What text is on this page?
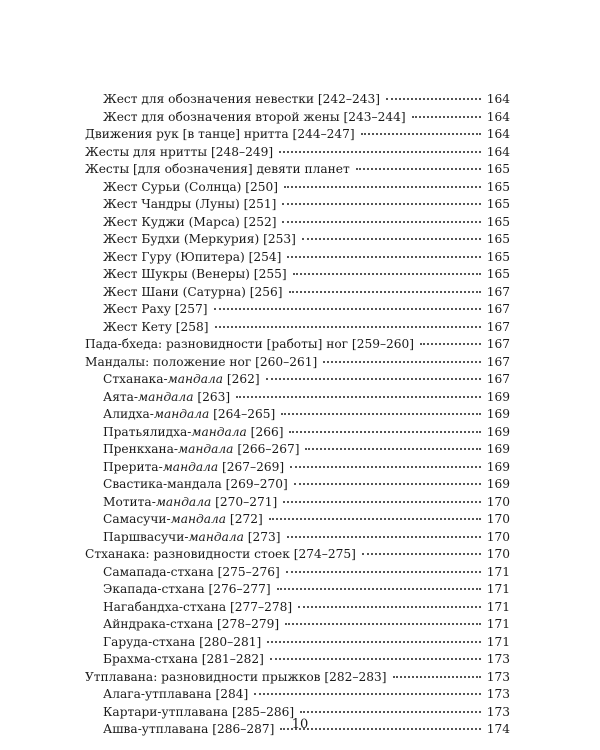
Жест для обозначения невестки [242–243]	164
Жест для обозначения второй жены [243–244]	164
Движения рук [в танце] нритта [244–247]	164
Жесты для нритты [248–249]	164
Жесты [для обозначения] девяти планет	165
Жест Сурьи (Солнца) [250]	165
Жест Чандры (Луны) [251]	165
Жест Куджи (Марса) [252]	165
Жест Будхи (Меркурия) [253]	165
Жест Гуру (Юпитера) [254]	165
Жест Шукры (Венеры) [255]	165
Жест Шани (Сатурна) [256]	167
Жест Раху [257]	167
Жест Кету [258]	167
Пада-бхеда: разновидности [работы] ног [259–260]	167
Мандалы: положение ног [260–261]	167
Стханака-мандала [262]	167
Аята-мандала [263]	169
Алидха-мандала [264–265]	169
Пратьялидха-мандала [266]	169
Пренкхана-мандала [266–267]	169
Прерита-мандала [267–269]	169
Свастика-мандала [269–270]	169
Мотита-мандала [270–271]	170
Самасучи-мандала [272]	170
Паршвасучи-мандала [273]	170
Стханака: разновидности стоек [274–275]	170
Самапада-стхана [275–276]	171
Экапада-стхана [276–277]	171
Нагабандха-стхана [277–278]	171
Айндрака-стхана [278–279]	171
Гаруда-стхана [280–281]	171
Брахма-стхана [281–282]	173
Утплавана: разновидности прыжков [282–283]	173
Алага-утплавана [284]	173
Картари-утплавана [285–286]	173
Ашва-утплавана [286–287]	174
10
